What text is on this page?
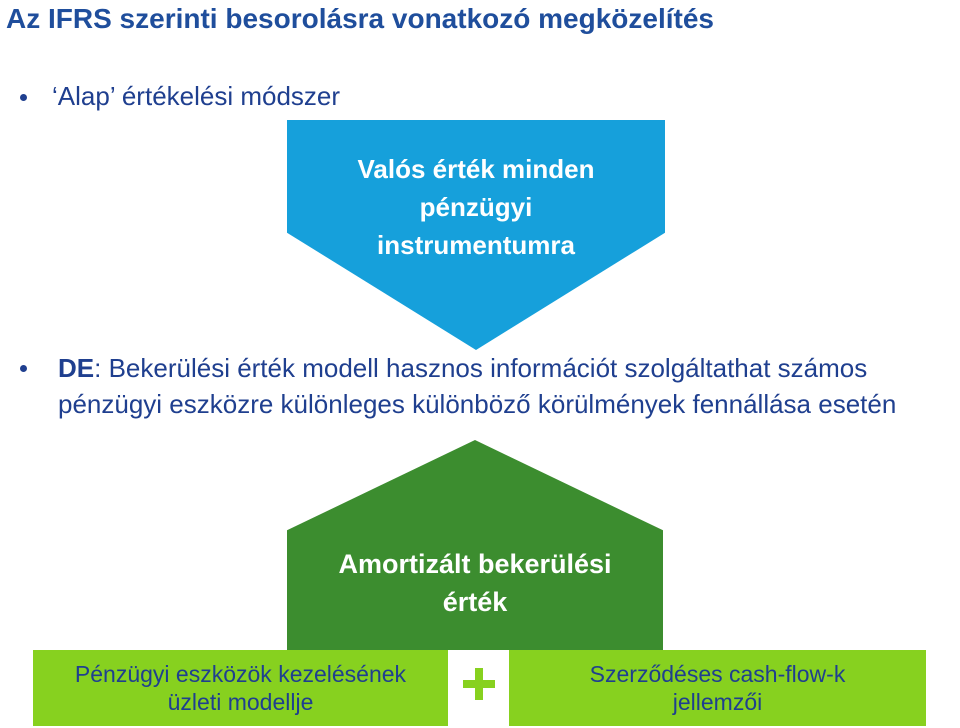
Az IFRS szerinti besorolásra vonatkozó megközelítés
‘Alap’ értékelési módszer
Valós érték minden
pénzügyi
instrumentumra
DE: Bekerülési érték modell hasznos információt szolgáltathat számos pénzügyi eszközre különleges különböző körülmények fennállása esetén
Amortizált bekerülési
érték
Pénzügyi eszközök kezelésének
üzleti modellje
Szerződéses cash-flow-k
jellemzői
